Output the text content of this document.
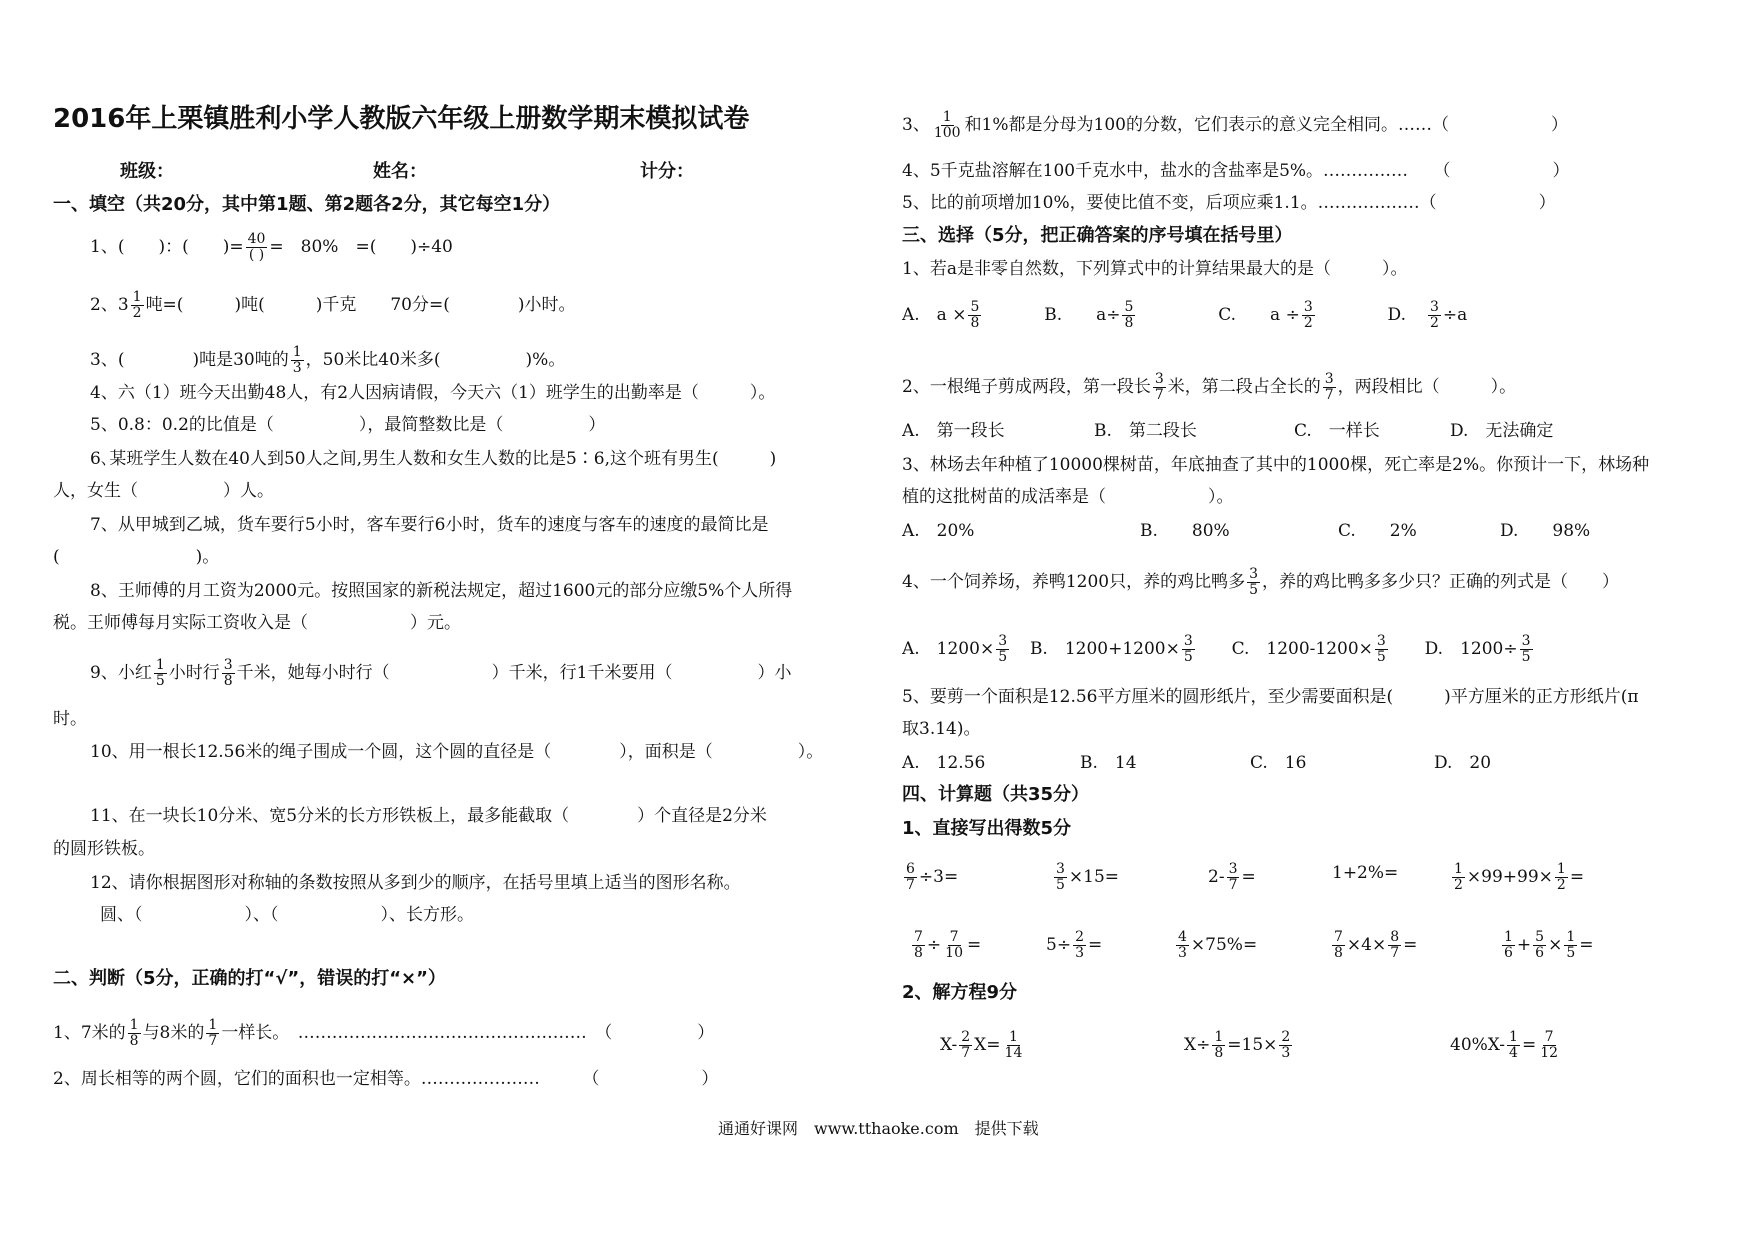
2016年上栗镇胜利小学人教版六年级上册数学期末模拟试卷
班级：	姓名：	计分：
一、填空（共20分，其中第1题、第2题各2分，其它每空1分）
1、(　　)：(　　)= $\frac{40}{( )}$ =　80%　=(　　)÷40
2、$3 \frac{1}{2}$ 吨=(　　　)吨(　　　)千克　　70分=(　　　　)小时。
3、(　　　　)吨是30吨的 $\frac{1}{3}$ ，50米比40米多(　　　　　)%。
4、六（1）班今天出勤48人，有2人因病请假，今天六（1）班学生的出勤率是（　　　）。
5、0.8：0.2的比值是（　　　　　），最简整数比是（　　　　　）
6､某班学生人数在40人到50人之间,男生人数和女生人数的比是5∶6,这个班有男生(　　　)
人，女生（　　　　　）人。
7、从甲城到乙城，货车要行5小时，客车要行6小时，货车的速度与客车的速度的最简比是
(　　　　　　　　)。
8、王师傅的月工资为2000元。按照国家的新税法规定，超过1600元的部分应缴5%个人所得
税。王师傅每月实际工资收入是（　　　　　　）元。
9、小红 $\frac{1}{5}$ 小时行 $\frac{3}{8}$ 千米，她每小时行（　　　　　　）千米，行1千米要用（　　　　　）小
时。
10、用一根长12.56米的绳子围成一个圆，这个圆的直径是（　　　　），面积是（　　　　　）。
11、在一块长10分米、宽5分米的长方形铁板上，最多能截取（　　　　）个直径是2分米
的圆形铁板。
12、请你根据图形对称轴的条数按照从多到少的顺序，在括号里填上适当的图形名称。
圆、（　　　　　　）、（　　　　　　）、长方形。
二、判断（5分，正确的打“√”，错误的打“×”）
1、7米的 $\frac{1}{8}$ 与8米的 $\frac{1}{7}$ 一样长。　……………………………………………　（　　　　　）
2、周长相等的两个圆，它们的面积也一定相等。…………………　　　（　　　　　　）
3、 $\frac{1}{100}$ 和1%都是分母为100的分数，它们表示的意义完全相同。……（　　　　　　）
4、5千克盐溶解在100千克水中，盐水的含盐率是5%。……………　　（　　　　　　）
5、比的前项增加10%，要使比值不变，后项应乘1.1。………………（　　　　　　）
三、选择（5分，把正确答案的序号填在括号里）
1、若a是非零自然数，下列算式中的计算结果最大的是（　　　）。
A.　$a \times \frac{5}{8}$	B.　　$a\div \frac{5}{8}$	C.　　$a \div \frac{3}{2}$	D. $\frac{3}{2} \div a$
2、一根绳子剪成两段，第一段长 $\frac{3}{7}$ 米，第二段占全长的 $\frac{3}{7}$ ，两段相比（　　　）。
A.　第一段长	B.　第二段长	C.　一样长	D.　无法确定
3、林场去年种植了10000棵树苗，年底抽查了其中的1000棵，死亡率是2%。你预计一下，林场种
植的这批树苗的成活率是（　　　　　　）。
A.　20%	B.　　80%	C.　　2%	D.　　98%
4、一个饲养场，养鸭1200只，养的鸡比鸭多 $\frac{3}{5}$ ，养的鸡比鸭多多少只？正确的列式是（　　）
A.　$1200\times \frac{3}{5} B$.　$1200+1200\times \frac{3}{5} C$.　$1200-1200\times \frac{3}{5} D$.　$1200\div \frac{3}{5}$
5、要剪一个面积是12.56平方厘米的圆形纸片，至少需要面积是(　　　)平方厘米的正方形纸片(π
取3.14)。
A.　12.56	B.　14	C.　16	D.　20
四、计算题（共35分）
1、直接写出得数5分
$\frac{6}{7} \div 3=$	$\frac{3}{5} \times 15=$	$2- \frac{3}{7}$ =	1+2%=	$\frac{1}{2} \times 99+99\times \frac{1}{2}$ =
$\frac{7}{8} \div \frac{7}{10}$ =	$5\div \frac{2}{3}$ =	$\frac{4}{3} \times 75\%=$	$\frac{7}{8} \times 4\times \frac{8}{7}$ =	$\frac{1}{6} + \frac{5}{6} \times \frac{1}{5}$ =
2、解方程9分
$X- \frac{2}{7} X= \frac{1}{14}$	$X\div \frac{1}{8} =15\times \frac{2}{3}$	$40\%X- \frac{1}{4} = \frac{7}{12}$
通通好课网　www.tthaoke.com　提供下载
